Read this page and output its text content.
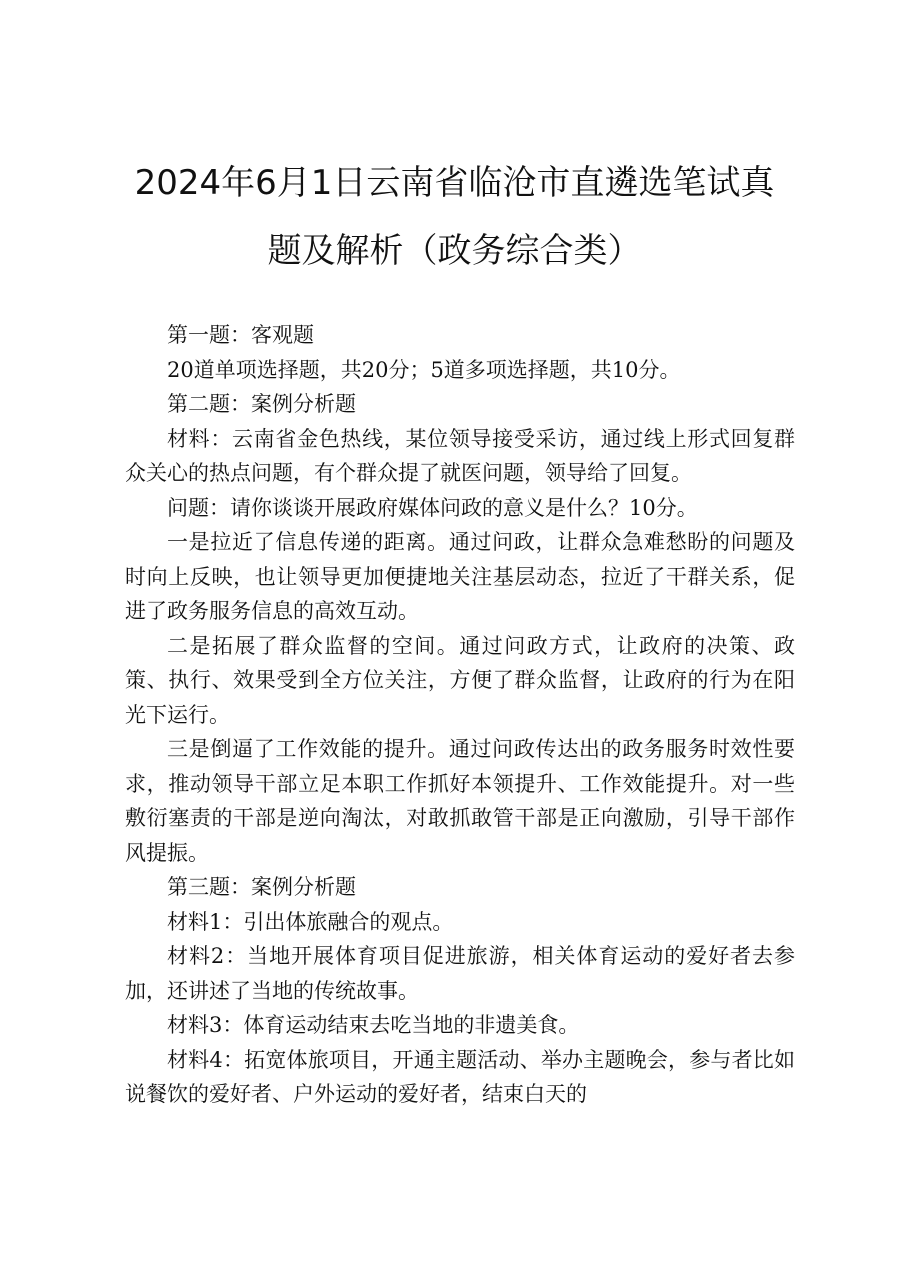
2024年6月1日云南省临沧市直遴选笔试真
题及解析（政务综合类）

第一题：客观题

20道单项选择题，共20分；5道多项选择题，共10分。

第二题：案例分析题

材料：云南省金色热线，某位领导接受采访，通过线上形式回复群众关心的热点问题，有个群众提了就医问题，领导给了回复。

问题：请你谈谈开展政府媒体问政的意义是什么？10分。

一是拉近了信息传递的距离。通过问政，让群众急难愁盼的问题及时向上反映，也让领导更加便捷地关注基层动态，拉近了干群关系，促进了政务服务信息的高效互动。

二是拓展了群众监督的空间。通过问政方式，让政府的决策、政策、执行、效果受到全方位关注，方便了群众监督，让政府的行为在阳光下运行。

三是倒逼了工作效能的提升。通过问政传达出的政务服务时效性要求，推动领导干部立足本职工作抓好本领提升、工作效能提升。对一些敷衍塞责的干部是逆向淘汰，对敢抓敢管干部是正向激励，引导干部作风提振。

第三题：案例分析题

材料1：引出体旅融合的观点。

材料2：当地开展体育项目促进旅游，相关体育运动的爱好者去参加，还讲述了当地的传统故事。

材料3：体育运动结束去吃当地的非遗美食。

材料4：拓宽体旅项目，开通主题活动、举办主题晚会，参与者比如说餐饮的爱好者、户外运动的爱好者，结束白天的
